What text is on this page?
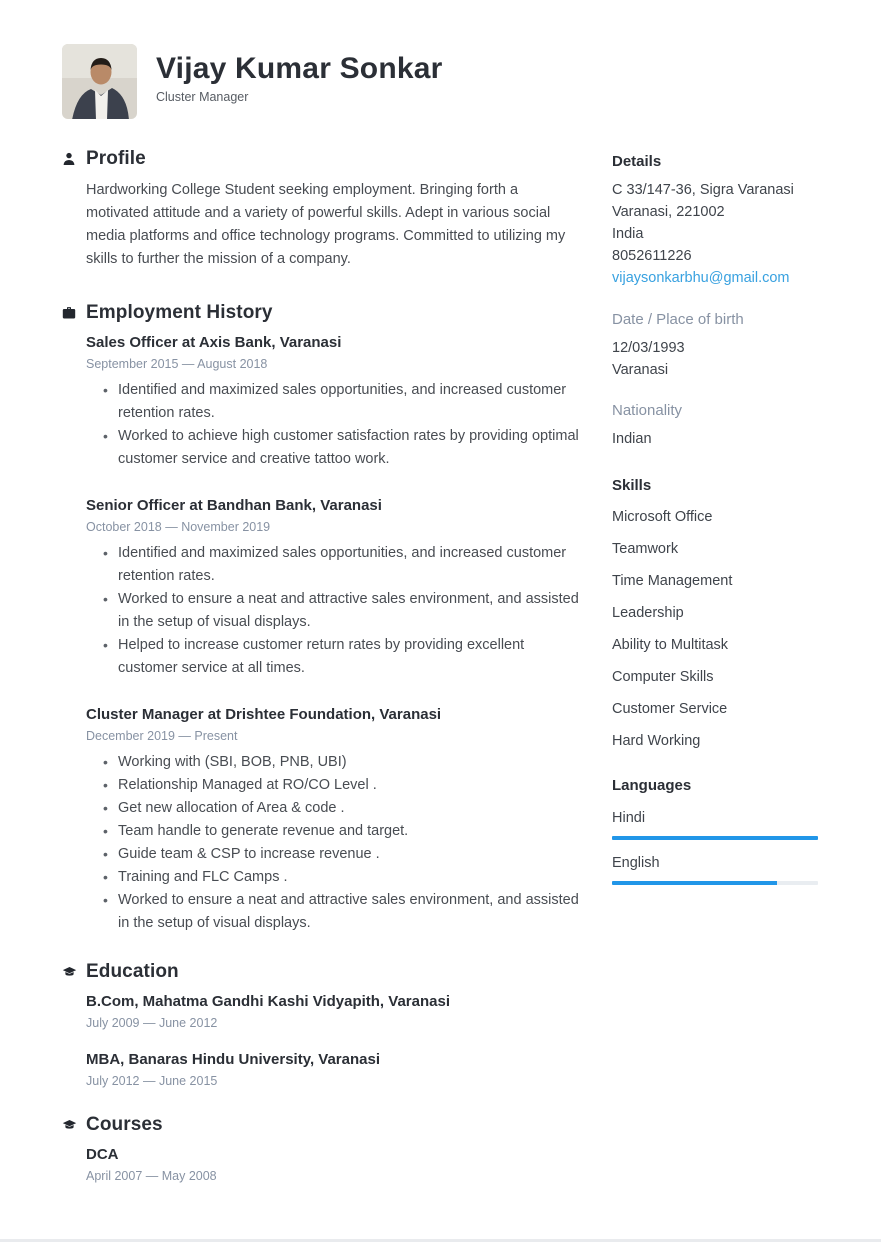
Vijay Kumar Sonkar
Cluster Manager
Profile
Hardworking College Student seeking employment. Bringing forth a motivated attitude and a variety of powerful skills. Adept in various social media platforms and office technology programs. Committed to utilizing my skills to further the mission of a company.
Employment History
Sales Officer at Axis Bank, Varanasi
September 2015 — August 2018
• Identified and maximized sales opportunities, and increased customer retention rates.
• Worked to achieve high customer satisfaction rates by providing optimal customer service and creative tattoo work.
Senior Officer at Bandhan Bank, Varanasi
October 2018 — November 2019
• Identified and maximized sales opportunities, and increased customer retention rates.
• Worked to ensure a neat and attractive sales environment, and assisted in the setup of visual displays.
• Helped to increase customer return rates by providing excellent customer service at all times.
Cluster Manager at Drishtee Foundation, Varanasi
December 2019 — Present
• Working with (SBI, BOB, PNB, UBI)
• Relationship Managed at RO/CO Level .
• Get new allocation of Area & code .
• Team handle to generate revenue and target.
• Guide team & CSP to increase revenue .
• Training and FLC Camps .
• Worked to ensure a neat and attractive sales environment, and assisted in the setup of visual displays.
Education
B.Com, Mahatma Gandhi Kashi Vidyapith, Varanasi
July 2009 — June 2012
MBA, Banaras Hindu University, Varanasi
July 2012 — June 2015
Courses
DCA
April 2007 — May 2008
Details
C 33/147-36, Sigra Varanasi
Varanasi, 221002
India
8052611226
vijaysonkarbhu@gmail.com
Date / Place of birth
12/03/1993
Varanasi
Nationality
Indian
Skills
Microsoft Office
Teamwork
Time Management
Leadership
Ability to Multitask
Computer Skills
Customer Service
Hard Working
Languages
Hindi
English
